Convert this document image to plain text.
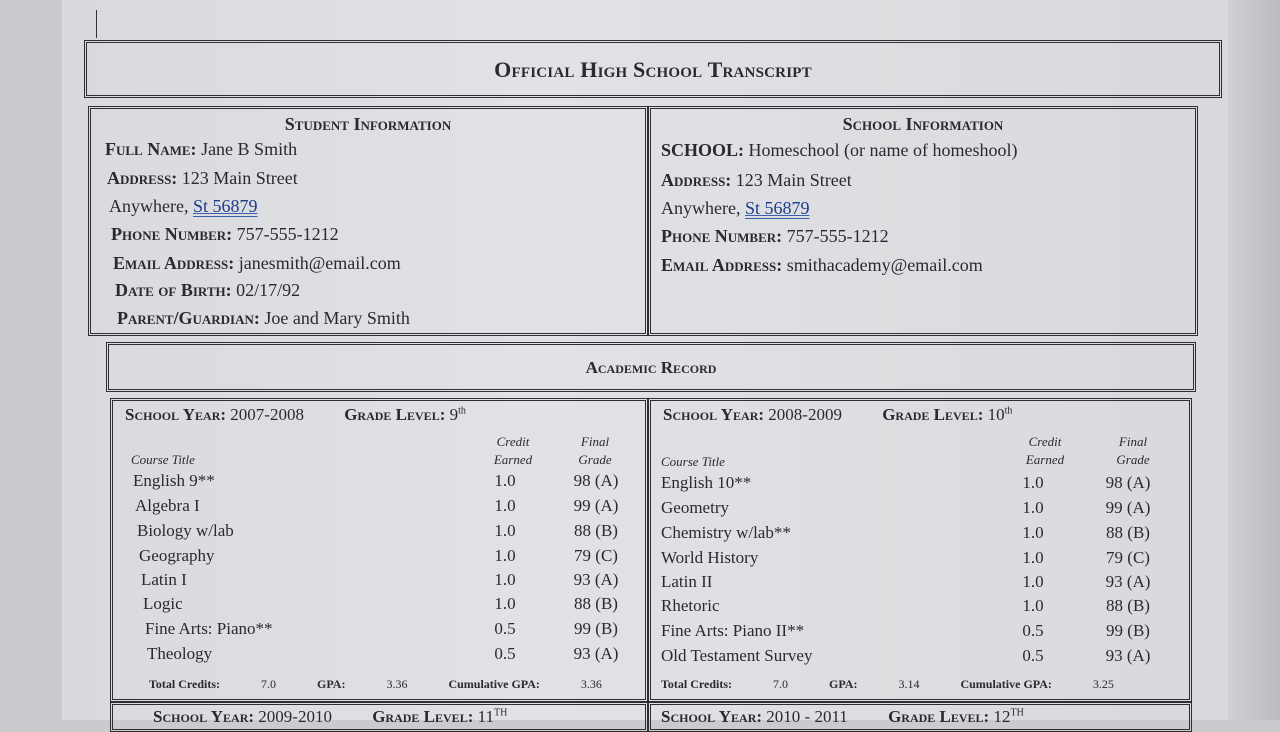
Official High School Transcript
Student Information
Full Name: Jane B Smith
Address: 123 Main Street
Anywhere, St 56879
Phone Number: 757-555-1212
Email Address: janesmith@email.com
Date of Birth: 02/17/92
Parent/Guardian: Joe and Mary Smith
School Information
SCHOOL: Homeschool (or name of homeshool)
Address: 123 Main Street
Anywhere, St 56879
Phone Number: 757-555-1212
Email Address: smithacademy@email.com
Academic Record
School Year: 2007-2008 Grade Level: 9th
Course Title
Credit
Earned
Final
Grade
English 9**	1.0	98 (A)
Algebra I	1.0	99 (A)
Biology w/lab	1.0	88 (B)
Geography	1.0	79 (C)
Latin I	1.0	93 (A)
Logic	1.0	88 (B)
Fine Arts: Piano**	0.5	99 (B)
Theology	0.5	93 (A)
Total Credits:	7.0	GPA:	3.36	Cumulative GPA:	3.36
School Year: 2008-2009 Grade Level: 10th
Course Title
Credit
Earned
Final
Grade
English 10**	1.0	98 (A)
Geometry	1.0	99 (A)
Chemistry w/lab**	1.0	88 (B)
World History	1.0	79 (C)
Latin II	1.0	93 (A)
Rhetoric	1.0	88 (B)
Fine Arts: Piano II**	0.5	99 (B)
Old Testament Survey	0.5	93 (A)
Total Credits:	7.0	GPA:	3.14	Cumulative GPA:	3.25
School Year: 2009-2010 Grade Level: 11TH	School Year: 2010 - 2011 Grade Level: 12TH
